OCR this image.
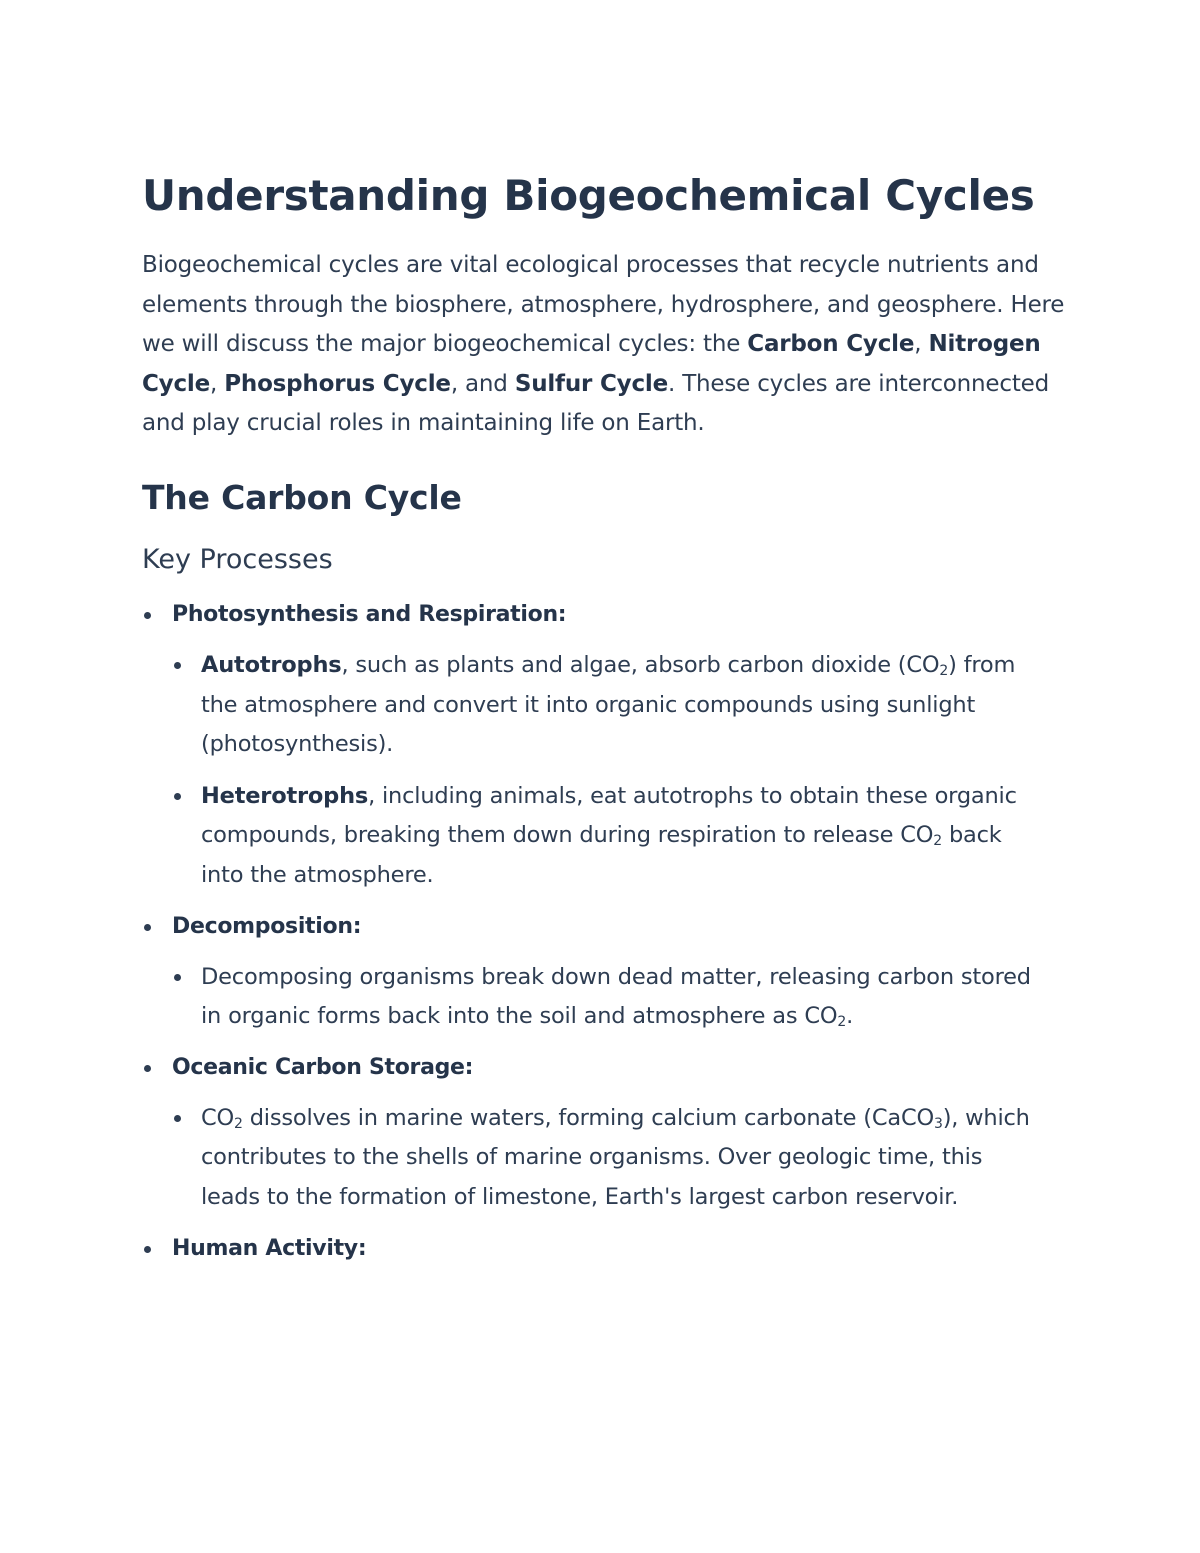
Understanding Biogeochemical Cycles

Biogeochemical cycles are vital ecological processes that recycle nutrients and elements through the biosphere, atmosphere, hydrosphere, and geosphere. Here we will discuss the major biogeochemical cycles: the Carbon Cycle, Nitrogen Cycle, Phosphorus Cycle, and Sulfur Cycle. These cycles are interconnected and play crucial roles in maintaining life on Earth.

The Carbon Cycle
Key Processes
Photosynthesis and Respiration:
Autotrophs, such as plants and algae, absorb carbon dioxide $(CO_2)$ from the atmosphere and convert it into organic compounds using sunlight (photosynthesis).
Heterotrophs, including animals, eat autotrophs to obtain these organic compounds, breaking them down during respiration to release $CO_2$ back into the atmosphere.
Decomposition:
Decomposing organisms break down dead matter, releasing carbon stored in organic forms back into the soil and atmosphere as $CO_2$.
Oceanic Carbon Storage:
$CO_2$ dissolves in marine waters, forming calcium carbonate (CaCO$_3$), which contributes to the shells of marine organisms. Over geologic time, this leads to the formation of limestone, Earth's largest carbon reservoir.
Human Activity:
